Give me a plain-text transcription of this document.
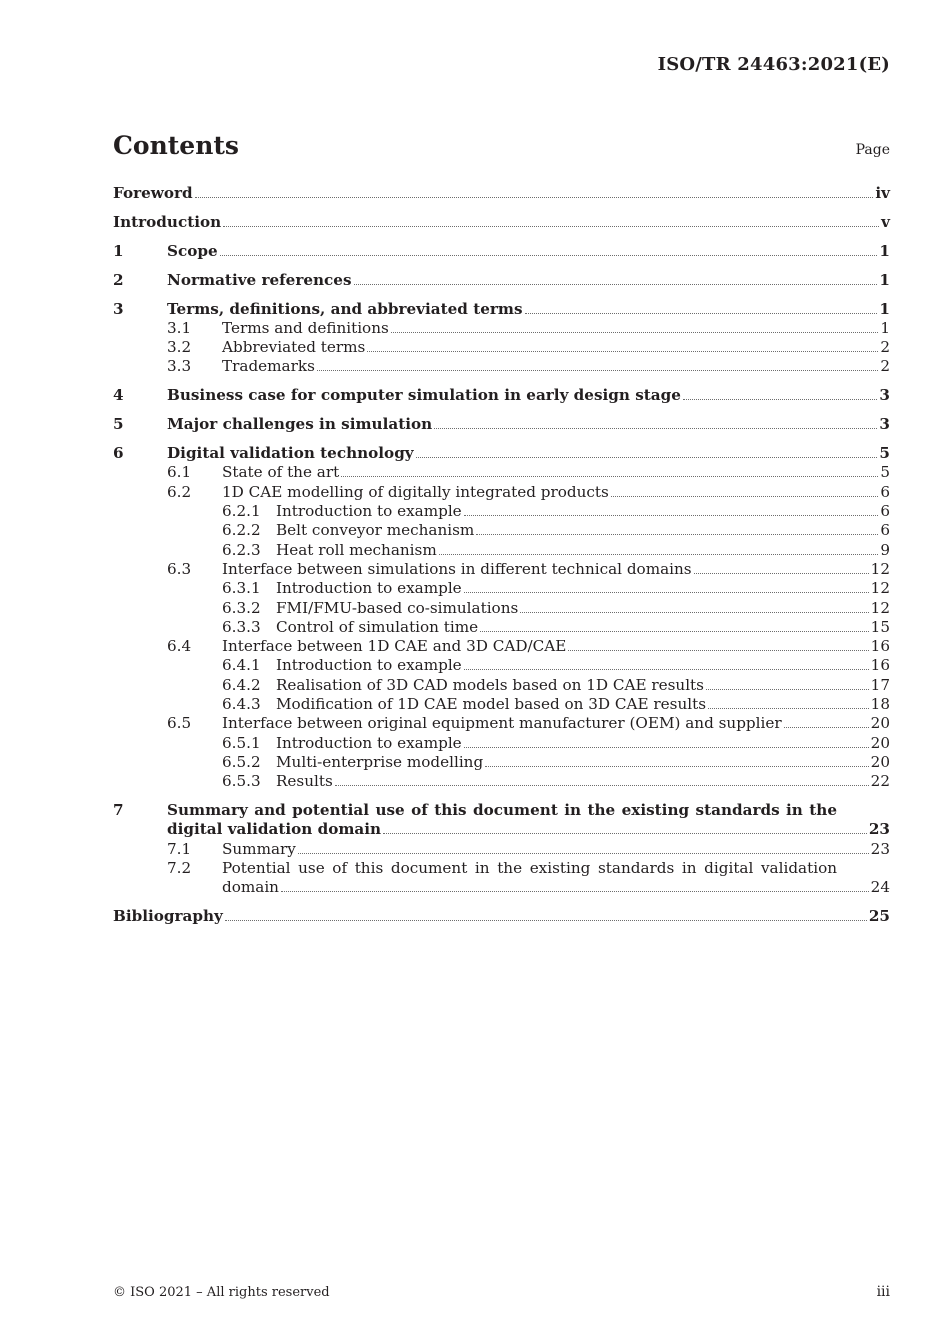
ISO/TR 24463:2021(E)
Contents	Page
Foreword	iv
Introduction	v
1	Scope	1
2	Normative references	1
3	Terms, definitions, and abbreviated terms	1
3.1 Terms and definitions	1
3.2 Abbreviated terms	2
3.3 Trademarks	2
4	Business case for computer simulation in early design stage	3
5	Major challenges in simulation	3
6	Digital validation technology	5
6.1 State of the art	5
6.2 1D CAE modelling of digitally integrated products	6
6.2.1 Introduction to example	6
6.2.2 Belt conveyor mechanism	6
6.2.3 Heat roll mechanism	9
6.3 Interface between simulations in different technical domains	12
6.3.1 Introduction to example	12
6.3.2 FMI/FMU-based co-simulations	12
6.3.3 Control of simulation time	15
6.4 Interface between 1D CAE and 3D CAD/CAE	16
6.4.1 Introduction to example	16
6.4.2 Realisation of 3D CAD models based on 1D CAE results	17
6.4.3 Modification of 1D CAE model based on 3D CAE results	18
6.5 Interface between original equipment manufacturer (OEM) and supplier	20
6.5.1 Introduction to example	20
6.5.2 Multi-enterprise modelling	20
6.5.3 Results	22
7	Summary and potential use of this document in the existing standards in the
digital validation domain	23
7.1 Summary	23
7.2 Potential use of this document in the existing standards in digital validation
domain	24
Bibliography	25
© ISO 2021 – All rights reserved	iii
